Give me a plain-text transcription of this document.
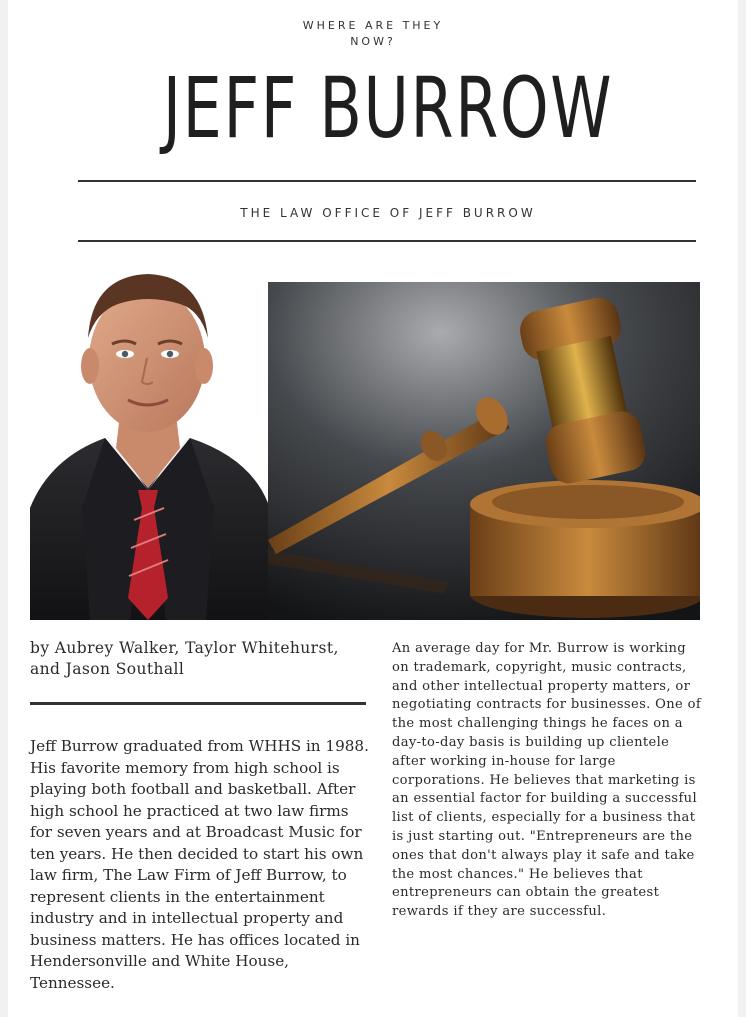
WHERE ARE THEY
NOW?
JEFF BURROW
THE LAW OFFICE OF JEFF BURROW
by Aubrey Walker, Taylor Whitehurst, and Jason Southall

Jeff Burrow graduated from WHHS in 1988. His favorite memory from high school is playing both football and basketball. After high school he practiced at two law firms for seven years and at Broadcast Music for ten years. He then decided to start his own law firm, The Law Firm of Jeff Burrow, to represent clients in the entertainment industry and in intellectual property and business matters. He has offices located in Hendersonville and White House, Tennessee.

An average day for Mr. Burrow is working on trademark, copyright, music contracts, and other intellectual property matters, or negotiating contracts for businesses. One of the most challenging things he faces on a day-to-day basis is building up clientele after working in-house for large corporations. He believes that marketing is an essential factor for building a successful list of clients, especially for a business that is just starting out. "Entrepreneurs are the ones that don't always play it safe and take the most chances." He believes that entrepreneurs can obtain the greatest rewards if they are successful.
